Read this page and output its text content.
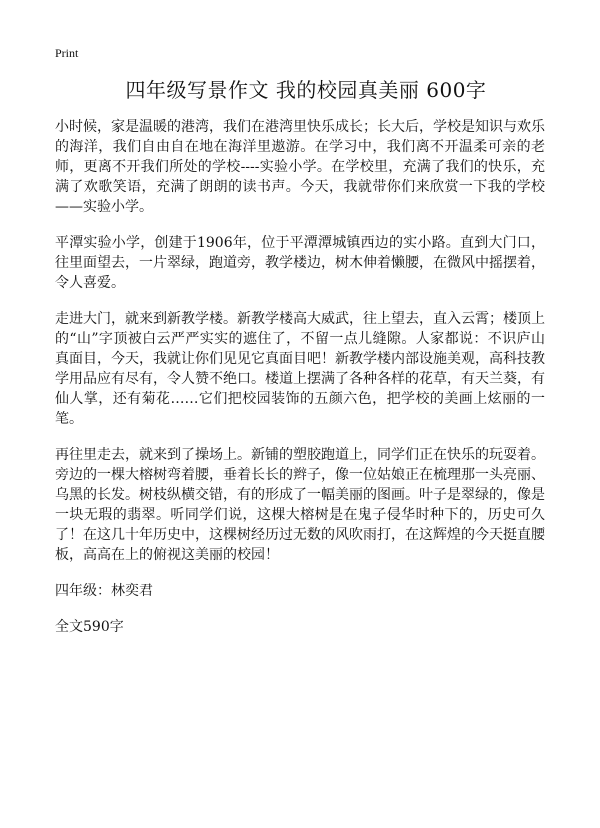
Print
四年级写景作文 我的校园真美丽 600字

小时候，家是温暖的港湾，我们在港湾里快乐成长；长大后，学校是知识与欢乐的海洋，我们自由自在地在海洋里遨游。在学习中，我们离不开温柔可亲的老师，更离不开我们所处的学校----实验小学。在学校里，充满了我们的快乐，充满了欢歌笑语，充满了朗朗的读书声。今天，我就带你们来欣赏一下我的学校——实验小学。

平潭实验小学，创建于1906年，位于平潭潭城镇西边的实小路。直到大门口，往里面望去，一片翠绿，跑道旁，教学楼边，树木伸着懒腰，在微风中摇摆着，令人喜爱。

走进大门，就来到新教学楼。新教学楼高大威武，往上望去，直入云霄；楼顶上的“山”字顶被白云严严实实的遮住了，不留一点儿缝隙。人家都说：不识庐山真面目，今天，我就让你们见见它真面目吧！新教学楼内部设施美观，高科技教学用品应有尽有，令人赞不绝口。楼道上摆满了各种各样的花草，有天兰葵，有仙人掌，还有菊花……它们把校园装饰的五颜六色，把学校的美画上炫丽的一笔。

再往里走去，就来到了操场上。新铺的塑胶跑道上，同学们正在快乐的玩耍着。旁边的一棵大榕树弯着腰，垂着长长的辫子，像一位姑娘正在梳理那一头亮丽、乌黑的长发。树枝纵横交错，有的形成了一幅美丽的图画。叶子是翠绿的，像是一块无瑕的翡翠。听同学们说，这棵大榕树是在鬼子侵华时种下的，历史可久了！在这几十年历史中，这棵树经历过无数的风吹雨打，在这辉煌的今天挺直腰板，高高在上的俯视这美丽的校园！

四年级：林奕君

全文590字
